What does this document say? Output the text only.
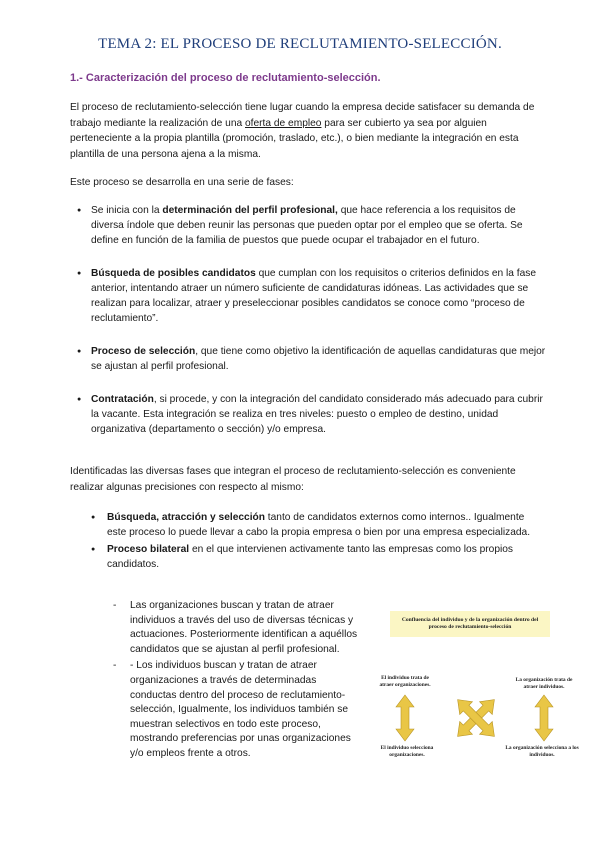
TEMA 2: EL PROCESO DE RECLUTAMIENTO-SELECCIÓN.
1.- Caracterización del proceso de reclutamiento-selección.

El proceso de reclutamiento-selección tiene lugar cuando la empresa decide satisfacer su demanda de trabajo mediante la realización de una oferta de empleo para ser cubierto ya sea por alguien perteneciente a la propia plantilla (promoción, traslado, etc.), o bien mediante la integración en esta plantilla de una persona ajena a la misma.

Este proceso se desarrolla en una serie de fases:
● Se inicia con la determinación del perfil profesional, que hace referencia a los requisitos de diversa índole que deben reunir las personas que pueden optar por el empleo que se oferta. Se define en función de la familia de puestos que puede ocupar el trabajador en el futuro.
● Búsqueda de posibles candidatos que cumplan con los requisitos o criterios definidos en la fase anterior, intentando atraer un número suficiente de candidaturas idóneas. Las actividades que se realizan para localizar, atraer y preseleccionar posibles candidatos se conoce como “proceso de reclutamiento”.
● Proceso de selección, que tiene como objetivo la identificación de aquellas candidaturas que mejor se ajustan al perfil profesional.
● Contratación, si procede, y con la integración del candidato considerado más adecuado para cubrir la vacante. Esta integración se realiza en tres niveles: puesto o empleo de destino, unidad organizativa (departamento o sección) y/o empresa.
Identificadas las diversas fases que integran el proceso de reclutamiento-selección es conveniente realizar algunas precisiones con respecto al mismo:
● Búsqueda, atracción y selección tanto de candidatos externos como internos.. Igualmente este proceso lo puede llevar a cabo la propia empresa o bien por una empresa especializada.
● Proceso bilateral en el que intervienen activamente tanto las empresas como los propios candidatos.
- Las organizaciones buscan y tratan de atraer individuos a través del uso de diversas técnicas y actuaciones. Posteriormente identifican a aquéllos candidatos que se ajustan al perfil profesional.
- - Los individuos buscan y tratan de atraer organizaciones a través de determinadas conductas dentro del proceso de reclutamiento-selección, Igualmente, los individuos también se muestran selectivos en todo este proceso, mostrando preferencias por unas organizaciones y/o empleos frente a otros.
Confluencia del individuo y de la organización dentro del proceso de reclutamiento-selección
El individuo trata de atraer organizaciones.
La organización trata de atraer individuos.
El individuo selecciona organizaciones.
La organización selecciona a los individuos.
